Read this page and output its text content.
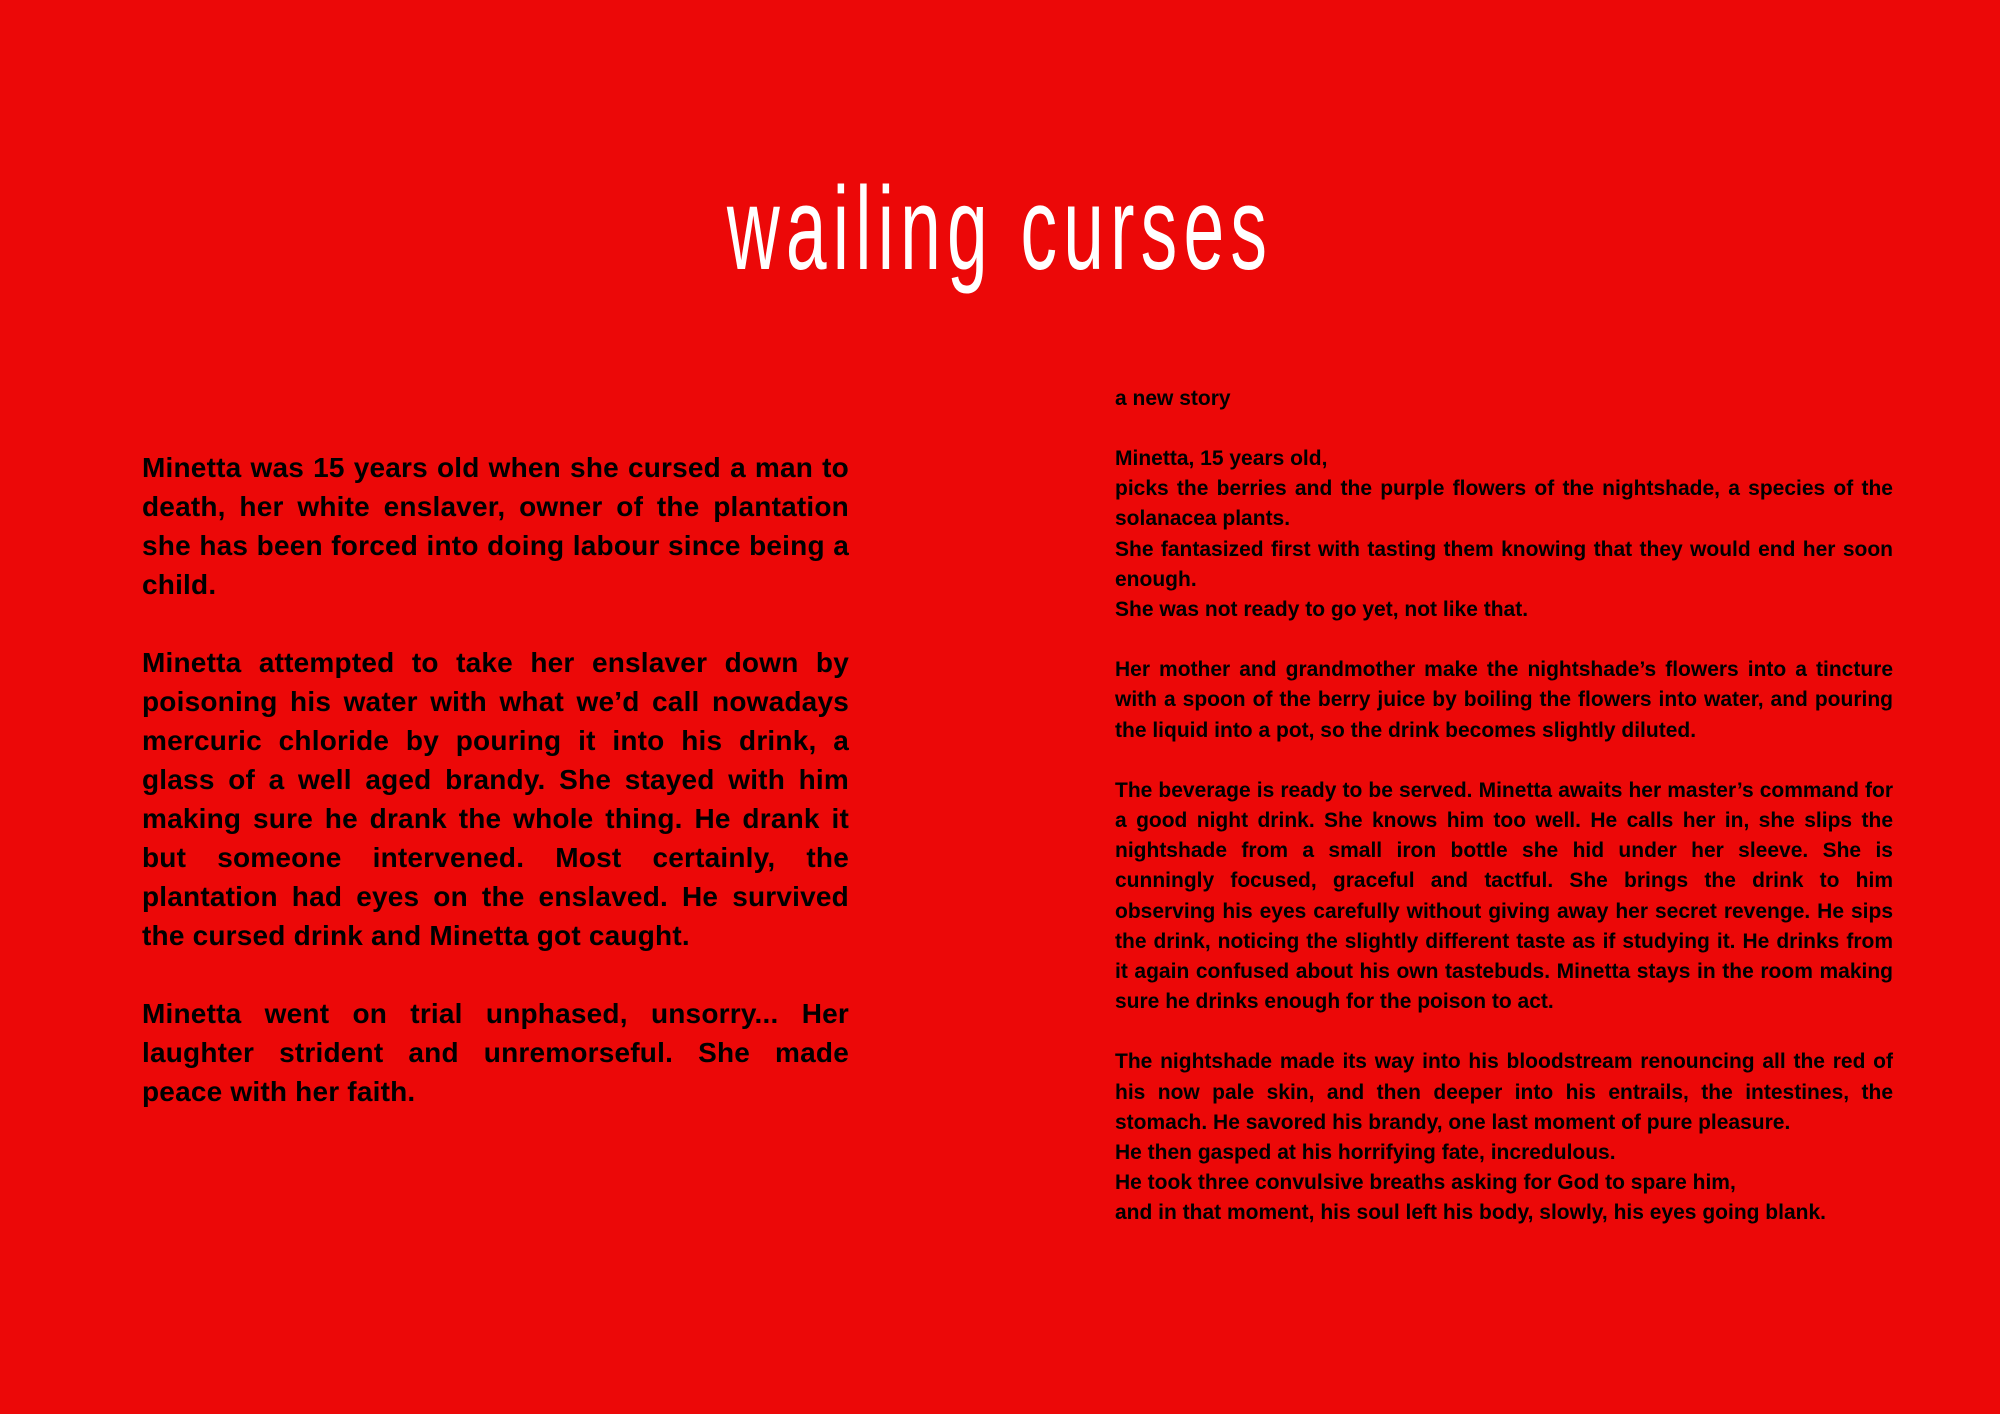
wailing curses

Minetta was 15 years old when she cursed a man to death, her white enslaver, owner of the plantation she has been forced into doing labour since being a child.

Minetta attempted to take her enslaver down by poisoning his water with what we’d call nowadays mercuric chloride by pouring it into his drink, a glass of a well aged brandy. She stayed with him making sure he drank the whole thing. He drank it but someone intervened. Most certainly, the plantation had eyes on the enslaved. He survived the cursed drink and Minetta got caught.

Minetta went on trial unphased, unsorry... Her laughter strident and unremorseful. She made peace with her faith.

a new story

Minetta, 15 years old,
picks the berries and the purple flowers of the nightshade, a species of the solanacea plants.
She fantasized first with tasting them knowing that they would end her soon enough.
She was not ready to go yet, not like that.

Her mother and grandmother make the nightshade’s flowers into a tincture with a spoon of the berry juice by boiling the flowers into water, and pouring the liquid into a pot, so the drink becomes slightly diluted.

The beverage is ready to be served. Minetta awaits her master’s command for a good night drink. She knows him too well. He calls her in, she slips the nightshade from a small iron bottle she hid under her sleeve. She is cunningly focused, graceful and tactful. She brings the drink to him observing his eyes carefully without giving away her secret revenge. He sips the drink, noticing the slightly different taste as if studying it. He drinks from it again confused about his own tastebuds. Minetta stays in the room making sure he drinks enough for the poison to act.

The nightshade made its way into his bloodstream renouncing all the red of his now pale skin, and then deeper into his entrails, the intestines, the stomach. He savored his brandy, one last moment of pure pleasure.
He then gasped at his horrifying fate, incredulous.
He took three convulsive breaths asking for God to spare him,
and in that moment, his soul left his body, slowly, his eyes going blank.
